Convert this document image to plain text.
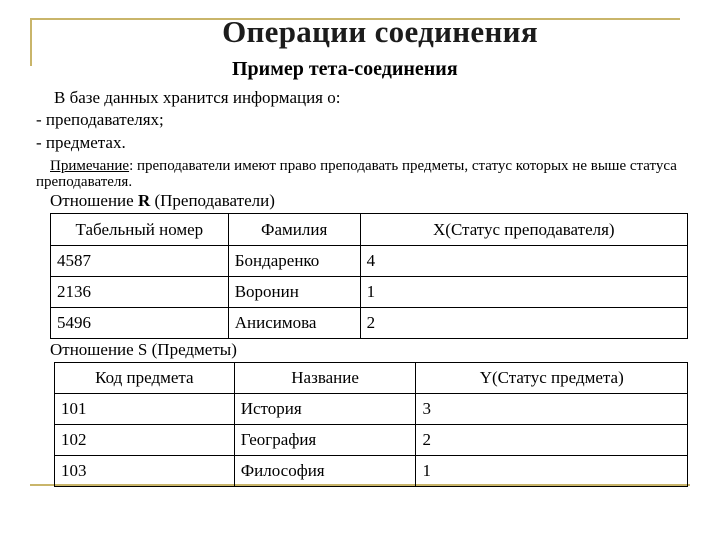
Операции соединения
Пример тета-соединения
В базе данных хранится информация о:
- преподавателях;
- предметах.
Примечание: преподаватели имеют право преподавать предметы, статус которых не выше статуса преподавателя.
Отношение R (Преподаватели)
Табельный номер	Фамилия	X(Статус преподавателя)
4587	Бондаренко	4
2136	Воронин	1
5496	Анисимова	2
Отношение S (Предметы)
Код предмета	Название	Y(Статус предмета)
101	История	3
102	География	2
103	Философия	1
